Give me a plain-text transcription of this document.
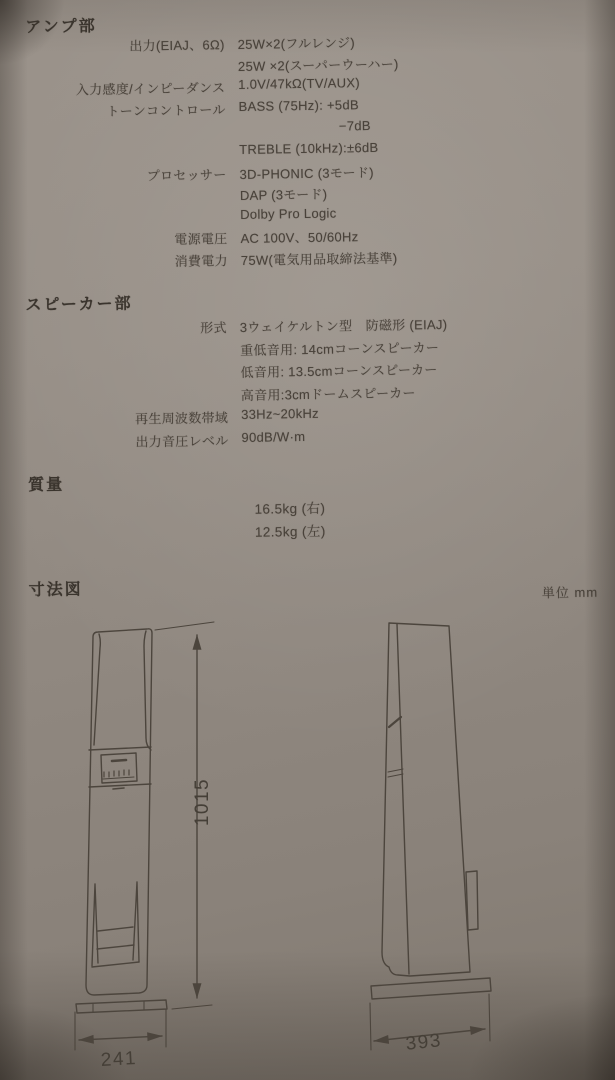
アンプ部
出力(EIAJ、6Ω) 25W×2(フルレンジ)
25W ×2(スーパーウーハー)
入力感度/インピーダンス 1.0V/47kΩ(TV/AUX)
トーンコントロール BASS (75Hz): +5dB
−7dB
TREBLE (10kHz):±6dB
プロセッサー 3D-PHONIC (3モード)
DAP (3モード)
Dolby Pro Logic
電源電圧 AC 100V、50/60Hz
消費電力 75W(電気用品取締法基準)
スピーカー部
形式 3ウェイケルトン型　防磁形 (EIAJ)
重低音用: 14cmコーンスピーカー
低音用: 13.5cmコーンスピーカー
高音用:3cmドームスピーカー
再生周波数帯域 33Hz~20kHz
出力音圧レベル 90dB/W·m
質量
16.5kg (右)
12.5kg (左)
寸法図	単位 mm
1015
241
393
